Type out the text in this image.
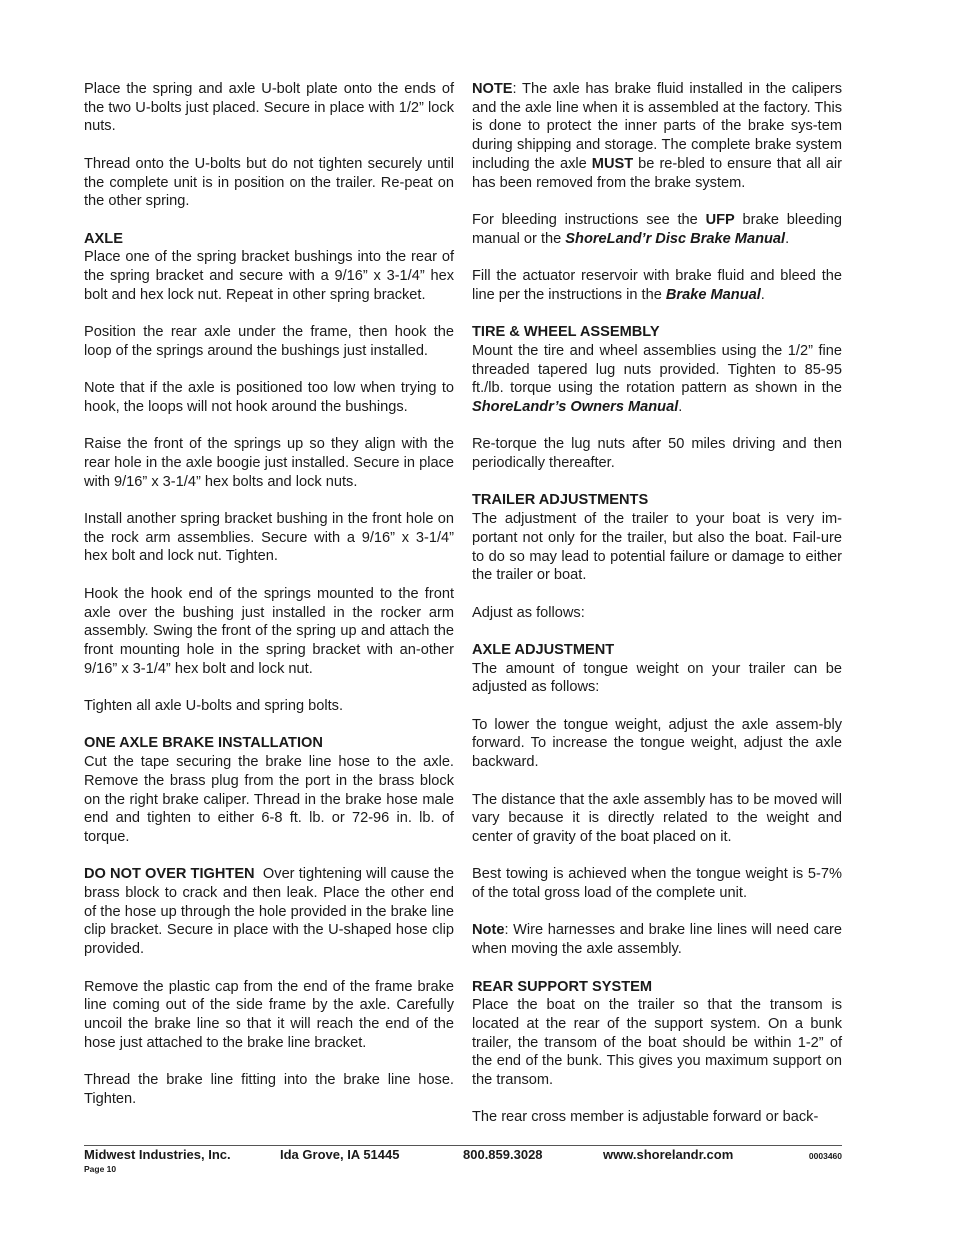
Place the spring and axle U-bolt plate onto the ends of the two U-bolts just placed. Secure in place with 1/2” lock nuts.

Thread onto the U-bolts but do not tighten securely until the complete unit is in position on the trailer. Re-peat on the other spring.

AXLE

Place one of the spring bracket bushings into the rear of the spring bracket and secure with a 9/16” x 3-1/4” hex bolt and hex lock nut. Repeat in other spring bracket.

Position the rear axle under the frame, then hook the loop of the springs around the bushings just installed.

Note that if the axle is positioned too low when trying to hook, the loops will not hook around the bushings.

Raise the front of the springs up so they align with the rear hole in the axle boogie just installed. Secure in place with 9/16” x 3-1/4” hex bolts and lock nuts.

Install another spring bracket bushing in the front hole on the rock arm assemblies. Secure with a 9/16” x 3-1/4” hex bolt and lock nut. Tighten.

Hook the hook end of the springs mounted to the front axle over the bushing just installed in the rocker arm assembly. Swing the front of the spring up and attach the front mounting hole in the spring bracket with an-other 9/16” x 3-1/4” hex bolt and lock nut.

Tighten all axle U-bolts and spring bolts.

ONE AXLE BRAKE INSTALLATION

Cut the tape securing the brake line hose to the axle. Remove the brass plug from the port in the brass block on the right brake caliper. Thread in the brake hose male end and tighten to either 6-8 ft. lb. or 72-96 in. lb. of torque.

DO NOT OVER TIGHTEN  Over tightening will cause the brass block to crack and then leak. Place the other end of the hose up through the hole provided in the brake line clip bracket. Secure in place with the U-shaped hose clip provided.

Remove the plastic cap from the end of the frame brake line coming out of the side frame by the axle. Carefully uncoil the brake line so that it will reach the end of the hose just attached to the brake line bracket.

Thread the brake line fitting into the brake line hose. Tighten.

NOTE: The axle has brake fluid installed in the calipers and the axle line when it is assembled at the factory. This is done to protect the inner parts of the brake sys-tem during shipping and storage. The complete brake system including the axle MUST be re-bled to ensure that all air has been removed from the brake system.

For bleeding instructions see the UFP brake bleeding manual or the ShoreLand’r Disc Brake Manual.

Fill the actuator reservoir with brake fluid and bleed the line per the instructions in the Brake Manual.

TIRE & WHEEL ASSEMBLY

Mount the tire and wheel assemblies using the 1/2” fine threaded tapered lug nuts provided. Tighten to 85-95 ft./lb. torque using the rotation pattern as shown in the ShoreLandr’s Owners Manual.

Re-torque the lug nuts after 50 miles driving and then periodically thereafter.

TRAILER ADJUSTMENTS

The adjustment of the trailer to your boat is very im-portant not only for the trailer, but also the boat. Fail-ure to do so may lead to potential failure or damage to either the trailer or boat.

Adjust as follows:

AXLE ADJUSTMENT

The amount of tongue weight on your trailer can be adjusted as follows:

To lower the tongue weight, adjust the axle assem-bly forward. To increase the tongue weight, adjust the axle backward.

The distance that the axle assembly has to be moved will vary because it is directly related to the weight and center of gravity of the boat placed on it.

Best towing is achieved when the tongue weight is 5-7% of the total gross load of the complete unit.

Note: Wire harnesses and brake line lines will need care when moving the axle assembly.

REAR SUPPORT SYSTEM

Place the boat on the trailer so that the transom is located at the rear of the support system. On a bunk trailer, the transom of the boat should be within 1-2” of the end of the bunk. This gives you maximum support on the transom.

The rear cross member is adjustable forward or back-

Midwest Industries, Inc.	Ida Grove, IA 51445	800.859.3028	www.shorelandr.com	0003460
Page 10
